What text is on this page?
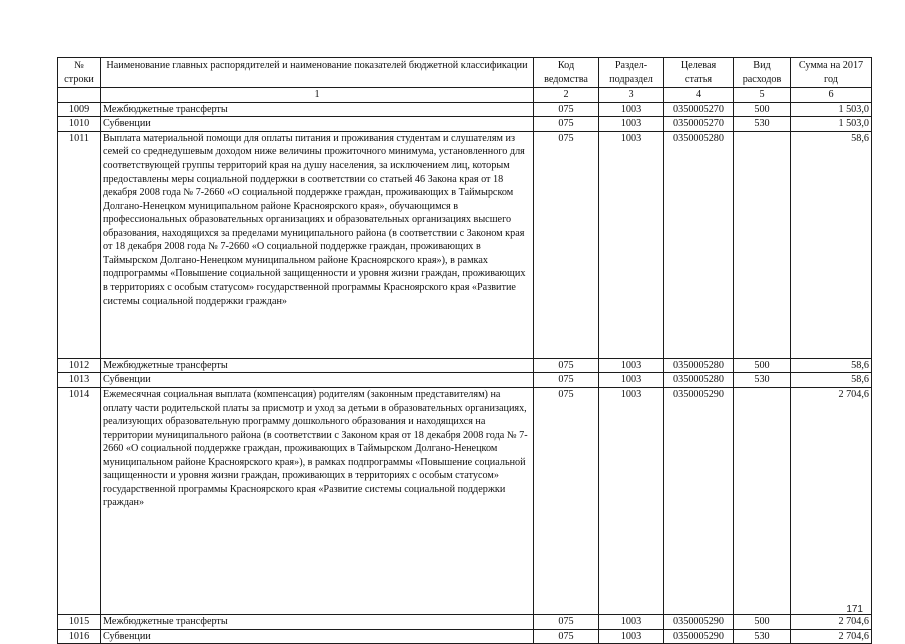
№ строки	Наименование главных распорядителей и наименование показателей бюджетной классификации	Код ведомства	Раздел-подраздел	Целевая статья	Вид расходов	Сумма на 2017 год
	1	2	3	4	5	6
1009	Межбюджетные трансферты	075	1003	0350005270	500	1 503,0
1010	Субвенции	075	1003	0350005270	530	1 503,0
1011	Выплата материальной помощи для оплаты питания и проживания студентам и слушателям из семей со среднедушевым доходом ниже величины прожиточного минимума, установленного для соответствующей группы территорий края на душу населения, за исключением лиц, которым предоставлены меры социальной поддержки в соответствии со статьей 46 Закона края от 18 декабря 2008 года № 7-2660 «О социальной поддержке граждан, проживающих в Таймырском Долгано-Ненецком муниципальном районе Красноярского края», обучающимся в профессиональных образовательных организациях и образовательных организациях высшего образования, находящихся за пределами муниципального района (в соответствии с Законом края от 18 декабря 2008 года № 7-2660 «О социальной поддержке граждан, проживающих в Таймырском Долгано-Ненецком муниципальном районе Красноярского края»), в рамках подпрограммы «Повышение социальной защищенности и уровня жизни граждан, проживающих в территориях с особым статусом» государственной программы Красноярского края «Развитие системы социальной поддержки граждан»	075	1003	0350005280		58,6
1012	Межбюджетные трансферты	075	1003	0350005280	500	58,6
1013	Субвенции	075	1003	0350005280	530	58,6
1014	Ежемесячная социальная выплата (компенсация) родителям (законным представителям) на оплату части родительской платы за присмотр и уход за детьми в образовательных организациях, реализующих образовательную программу дошкольного образования и находящихся на территории муниципального района (в соответствии с Законом края от 18 декабря 2008 года № 7-2660 «О социальной поддержке граждан, проживающих в Таймырском Долгано-Ненецком муниципальном районе Красноярского края»), в рамках подпрограммы «Повышение социальной защищенности и уровня жизни граждан, проживающих в территориях с особым статусом» государственной программы Красноярского края «Развитие системы социальной поддержки граждан»	075	1003	0350005290		2 704,6
1015	Межбюджетные трансферты	075	1003	0350005290	500	2 704,6
1016	Субвенции	075	1003	0350005290	530	2 704,6
171
